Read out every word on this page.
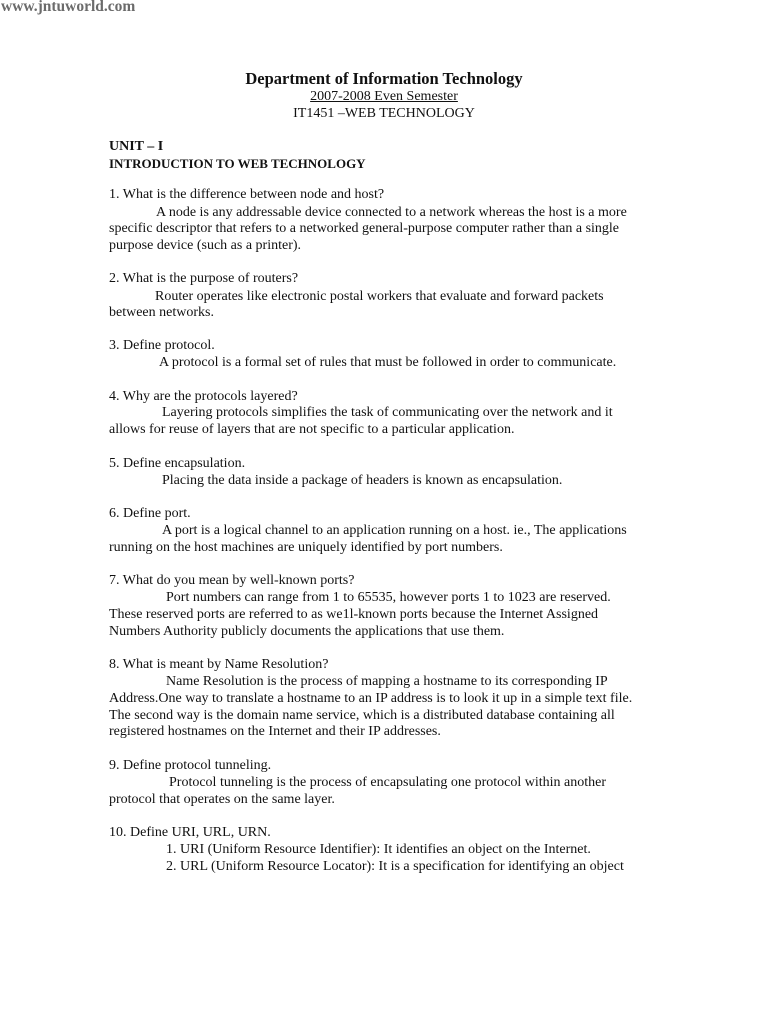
www.jntuworld.com
Department of Information Technology
2007-2008 Even Semester
IT1451 –WEB TECHNOLOGY
UNIT – I
INTRODUCTION TO WEB TECHNOLOGY
1. What is the difference between node and host?
A node is any addressable device connected to a network whereas the host is a more
specific descriptor that refers to a networked general-purpose computer rather than a single
purpose device (such as a printer).
2. What is the purpose of routers?
Router operates like electronic postal workers that evaluate and forward packets
between networks.
3. Define protocol.
A protocol is a formal set of rules that must be followed in order to communicate.
4. Why are the protocols layered?
Layering protocols simplifies the task of communicating over the network and it
allows for reuse of layers that are not specific to a particular application.
5. Define encapsulation.
Placing the data inside a package of headers is known as encapsulation.
6. Define port.
A port is a logical channel to an application running on a host. ie., The applications
running on the host machines are uniquely identified by port numbers.
7. What do you mean by well-known ports?
Port numbers can range from 1 to 65535, however ports 1 to 1023 are reserved.
These reserved ports are referred to as we1l-known ports because the Internet Assigned
Numbers Authority publicly documents the applications that use them.
8. What is meant by Name Resolution?
Name Resolution is the process of mapping a hostname to its corresponding IP
Address.One way to translate a hostname to an IP address is to look it up in a simple text file.
The second way is the domain name service, which is a distributed database containing all
registered hostnames on the Internet and their IP addresses.
9. Define protocol tunneling.
Protocol tunneling is the process of encapsulating one protocol within another
protocol that operates on the same layer.
10. Define URI, URL, URN.
1. URI (Uniform Resource Identifier): It identifies an object on the Internet.
2. URL (Uniform Resource Locator): It is a specification for identifying an object
